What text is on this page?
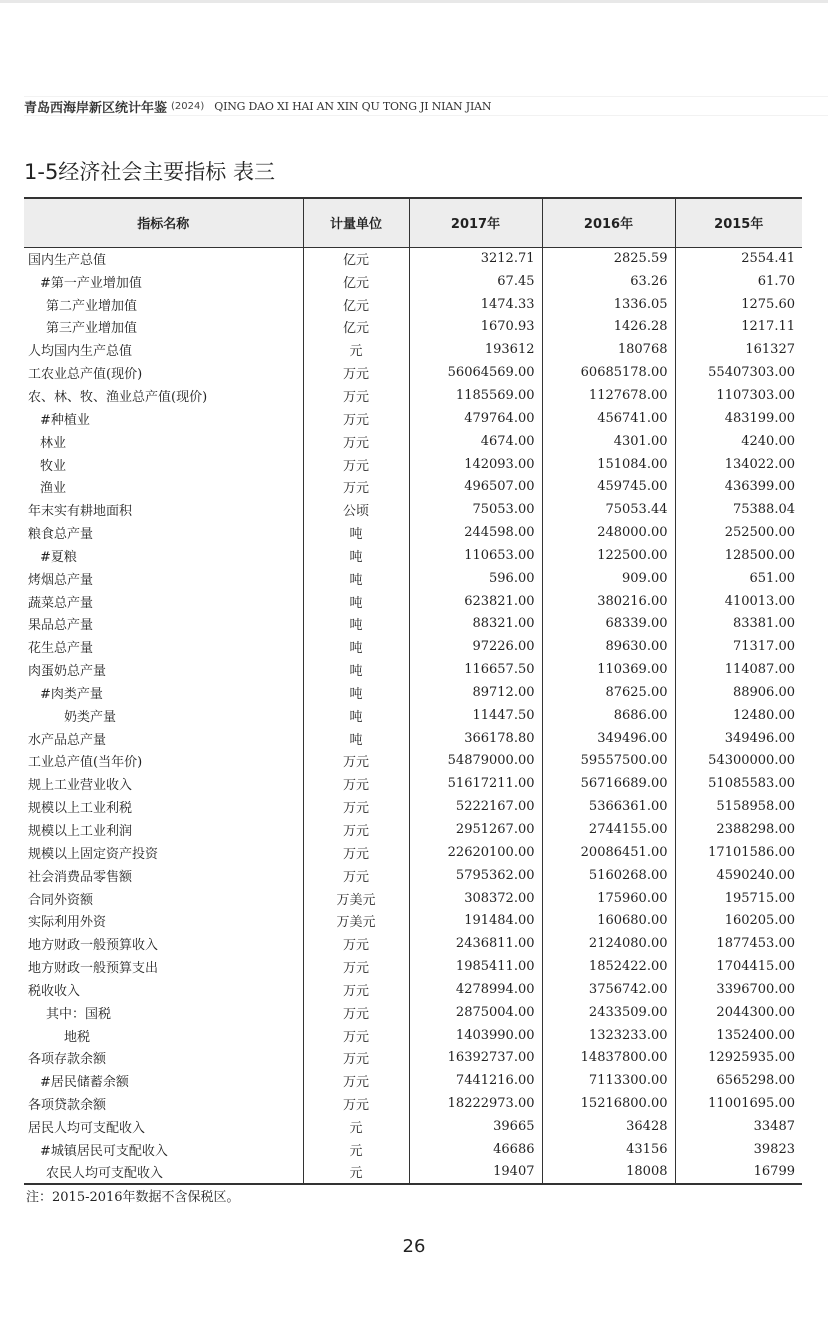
青岛西海岸新区统计年鉴 (2024) QING DAO XI HAI AN XIN QU TONG JI NIAN JIAN
1-5经济社会主要指标 表三
指标名称	计量单位	2017年	2016年	2015年
国内生产总值	亿元	3212.71	2825.59	2554.41
#第一产业增加值	亿元	67.45	63.26	61.70
第二产业增加值	亿元	1474.33	1336.05	1275.60
第三产业增加值	亿元	1670.93	1426.28	1217.11
人均国内生产总值	元	193612	180768	161327
工农业总产值(现价)	万元	56064569.00	60685178.00	55407303.00
农、林、牧、渔业总产值(现价)	万元	1185569.00	1127678.00	1107303.00
#种植业	万元	479764.00	456741.00	483199.00
林业	万元	4674.00	4301.00	4240.00
牧业	万元	142093.00	151084.00	134022.00
渔业	万元	496507.00	459745.00	436399.00
年末实有耕地面积	公顷	75053.00	75053.44	75388.04
粮食总产量	吨	244598.00	248000.00	252500.00
#夏粮	吨	110653.00	122500.00	128500.00
烤烟总产量	吨	596.00	909.00	651.00
蔬菜总产量	吨	623821.00	380216.00	410013.00
果品总产量	吨	88321.00	68339.00	83381.00
花生总产量	吨	97226.00	89630.00	71317.00
肉蛋奶总产量	吨	116657.50	110369.00	114087.00
#肉类产量	吨	89712.00	87625.00	88906.00
奶类产量	吨	11447.50	8686.00	12480.00
水产品总产量	吨	366178.80	349496.00	349496.00
工业总产值(当年价)	万元	54879000.00	59557500.00	54300000.00
规上工业营业收入	万元	51617211.00	56716689.00	51085583.00
规模以上工业利税	万元	5222167.00	5366361.00	5158958.00
规模以上工业利润	万元	2951267.00	2744155.00	2388298.00
规模以上固定资产投资	万元	22620100.00	20086451.00	17101586.00
社会消费品零售额	万元	5795362.00	5160268.00	4590240.00
合同外资额	万美元	308372.00	175960.00	195715.00
实际利用外资	万美元	191484.00	160680.00	160205.00
地方财政一般预算收入	万元	2436811.00	2124080.00	1877453.00
地方财政一般预算支出	万元	1985411.00	1852422.00	1704415.00
税收收入	万元	4278994.00	3756742.00	3396700.00
其中：国税	万元	2875004.00	2433509.00	2044300.00
地税	万元	1403990.00	1323233.00	1352400.00
各项存款余额	万元	16392737.00	14837800.00	12925935.00
#居民储蓄余额	万元	7441216.00	7113300.00	6565298.00
各项贷款余额	万元	18222973.00	15216800.00	11001695.00
居民人均可支配收入	元	39665	36428	33487
#城镇居民可支配收入	元	46686	43156	39823
农民人均可支配收入	元	19407	18008	16799
注：2015-2016年数据不含保税区。
26
